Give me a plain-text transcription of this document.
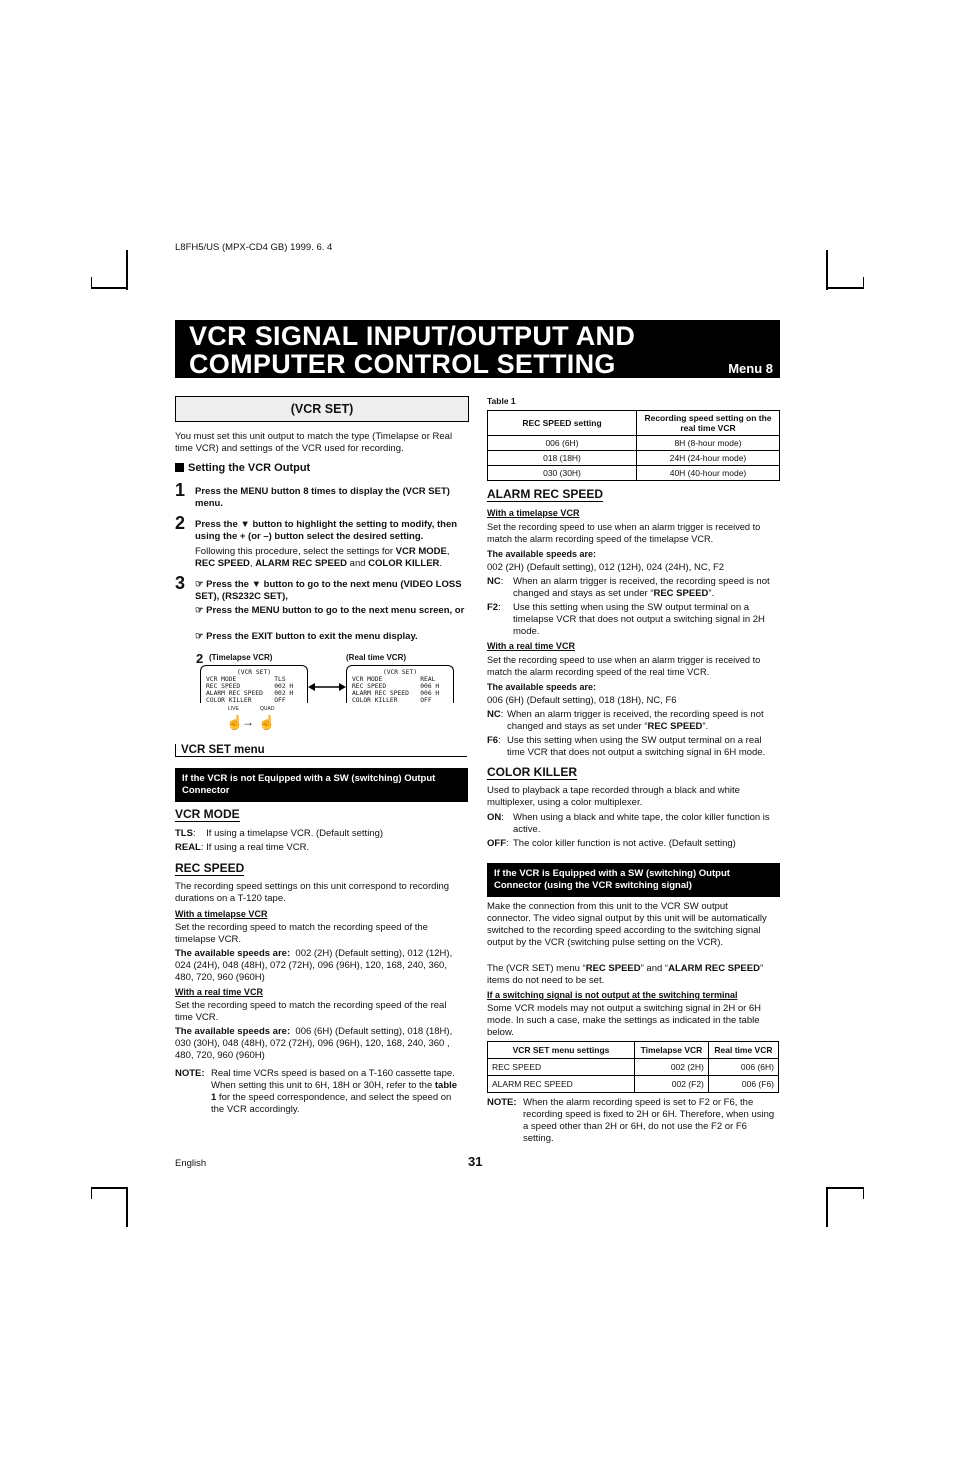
L8FH5/US (MPX-CD4 GB) 1999. 6. 4
VCR SIGNAL INPUT/OUTPUT AND
COMPUTER CONTROL SETTING	Menu 8
(VCR SET)
You must set this unit output to match the type (Timelapse or Real time VCR) and settings of the VCR used for recording.
Setting the VCR Output
1 Press the MENU button 8 times to display the (VCR SET) menu.
2 Press the ▼ button to highlight the setting to modify, then using the + (or –) button select the desired setting.
Following this procedure, select the settings for VCR MODE, REC SPEED, ALARM REC SPEED and COLOR KILLER.
3 ☞ Press the ▼ button to go to the next menu (VIDEO LOSS SET), (RS232C SET),
☞ Press the MENU button to go to the next menu screen, or
☞ Press the EXIT button to exit the menu display.
2 (Timelapse VCR)	(Real time VCR)
(VCR SET)
VCR MODE          TLS
REC SPEED         002 H
ALARM REC SPEED   002 H
COLOR KILLER      OFF
(VCR SET)
VCR MODE          REAL
REC SPEED         006 H
ALARM REC SPEED   006 H
COLOR KILLER      OFF
LIVE	QUAD
☝
→ ☝
VCR SET menu
If the VCR is not Equipped with a SW (switching) Output Connector
VCR MODE
TLS:    If using a timelapse VCR. (Default setting)
REAL: If using a real time VCR.
REC SPEED
The recording speed settings on this unit correspond to recording durations on a T-120 tape.
With a timelapse VCR
Set the recording speed to match the recording speed of the timelapse VCR.
The available speeds are: 002 (2H) (Default setting), 012 (12H), 024 (24H), 048 (48H), 072 (72H), 096 (96H), 120, 168, 240, 360, 480, 720, 960 (960H)
With a real time VCR
Set the recording speed to match the recording speed of the real time VCR.
The available speeds are: 006 (6H) (Default setting), 018 (18H), 030 (30H), 048 (48H), 072 (72H), 096 (96H), 120, 168, 240, 360 , 480, 720, 960 (960H)
NOTE: Real time VCRs speed is based on a T-160 cassette tape. When setting this unit to 6H, 18H or 30H, refer to the table 1 for the speed correspondence, and select the speed on the VCR accordingly.
Table 1
REC SPEED setting	Recording speed setting on the real time VCR
006 (6H)	8H (8-hour mode)
018 (18H)	24H (24-hour mode)
030 (30H)	40H (40-hour mode)
ALARM REC SPEED
With a timelapse VCR
Set the recording speed to use when an alarm trigger is received to match the alarm recording speed of the timelapse VCR.
The available speeds are:
002 (2H) (Default setting), 012 (12H), 024 (24H), NC, F2
NC: When an alarm trigger is received, the recording speed is not changed and stays as set under “REC SPEED”.
F2: Use this setting when using the SW output terminal on a timelapse VCR that does not output a switching signal in 2H mode.
With a real time VCR
Set the recording speed to use when an alarm trigger is received to match the alarm recording speed of the real time VCR.
The available speeds are:
006 (6H) (Default setting), 018 (18H), NC, F6
NC: When an alarm trigger is received, the recording speed is not changed and stays as set under “REC SPEED”.
F6: Use this setting when using the SW output terminal on a real time VCR that does not output a switching signal in 6H mode.
COLOR KILLER
Used to playback a tape recorded through a black and white multiplexer, using a color multiplexer.
ON: When using a black and white tape, the color killer function is active.
OFF: The color killer function is not active. (Default setting)
If the VCR is Equipped with a SW (switching) Output Connector (using the VCR switching signal)
Make the connection from this unit to the VCR SW output connector. The video signal output by this unit will be automatically switched to the recording speed according to the switching signal output by the VCR (switching pulse setting on the VCR).
The (VCR SET) menu “REC SPEED” and “ALARM REC SPEED” items do not need to be set.
If a switching signal is not output at the switching terminal
Some VCR models may not output a switching signal in 2H or 6H mode. In such a case, make the settings as indicated in the table below.
VCR SET menu settings	Timelapse VCR	Real time VCR
REC SPEED	002 (2H)	006 (6H)
ALARM REC SPEED	002 (F2)	006 (F6)
NOTE: When the alarm recording speed is set to F2 or F6, the recording speed is fixed to 2H or 6H. Therefore, when using a speed other than 2H or 6H, do not use the F2 or F6 setting.
English	31
